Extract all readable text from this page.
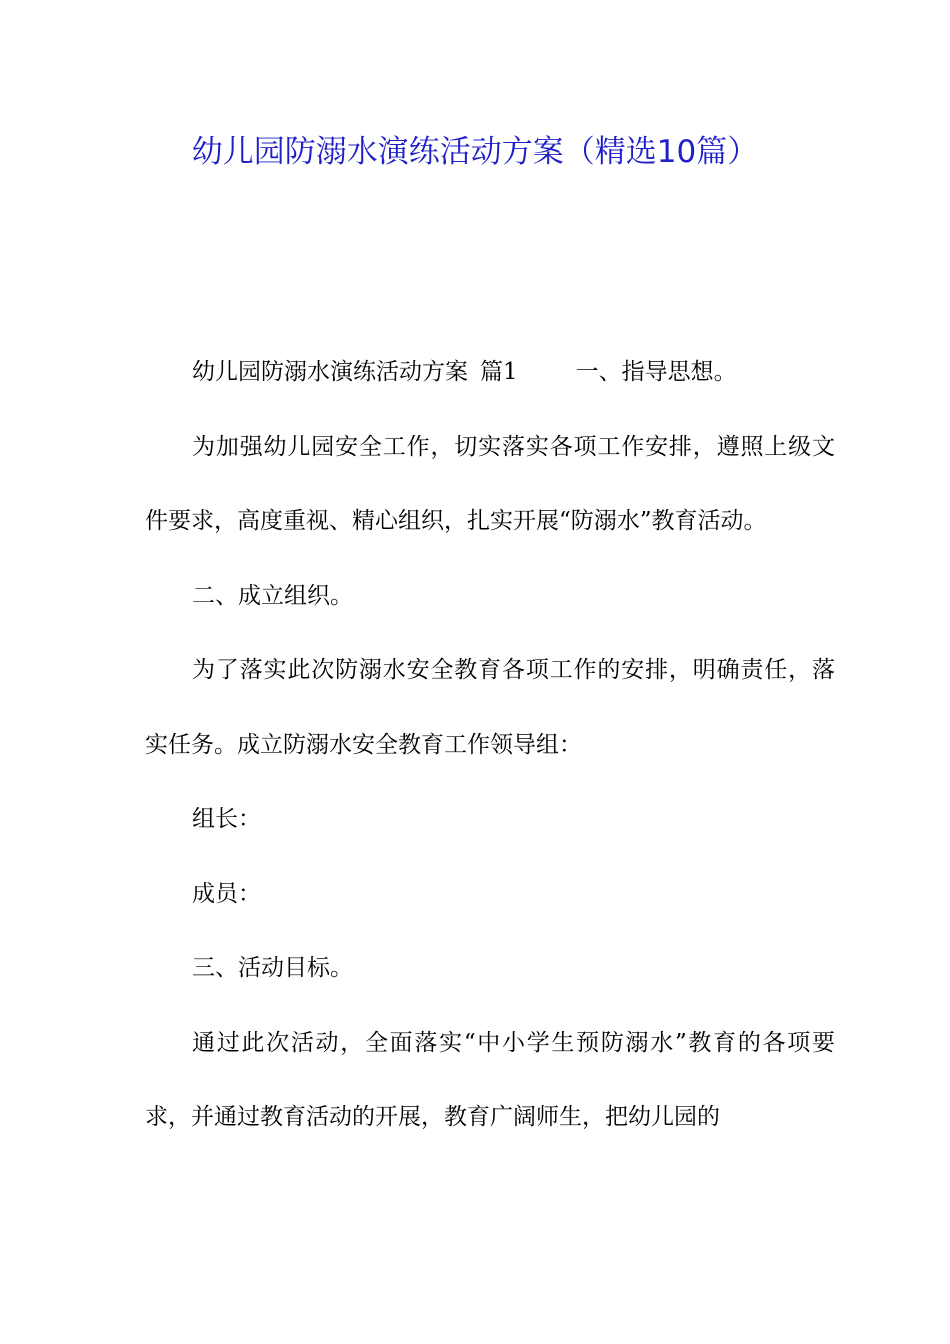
幼儿园防溺水演练活动方案（精选10篇）

幼儿园防溺水演练活动方案 篇1	一、指导思想。

为加强幼儿园安全工作，切实落实各项工作安排，遵照上级文件要求，高度重视、精心组织，扎实开展“防溺水”教育活动。

二、成立组织。

为了落实此次防溺水安全教育各项工作的安排，明确责任，落实任务。成立防溺水安全教育工作领导组：

组长：

成员：

三、活动目标。

通过此次活动，全面落实“中小学生预防溺水”教育的各项要求，并通过教育活动的开展，教育广阔师生，把幼儿园的
